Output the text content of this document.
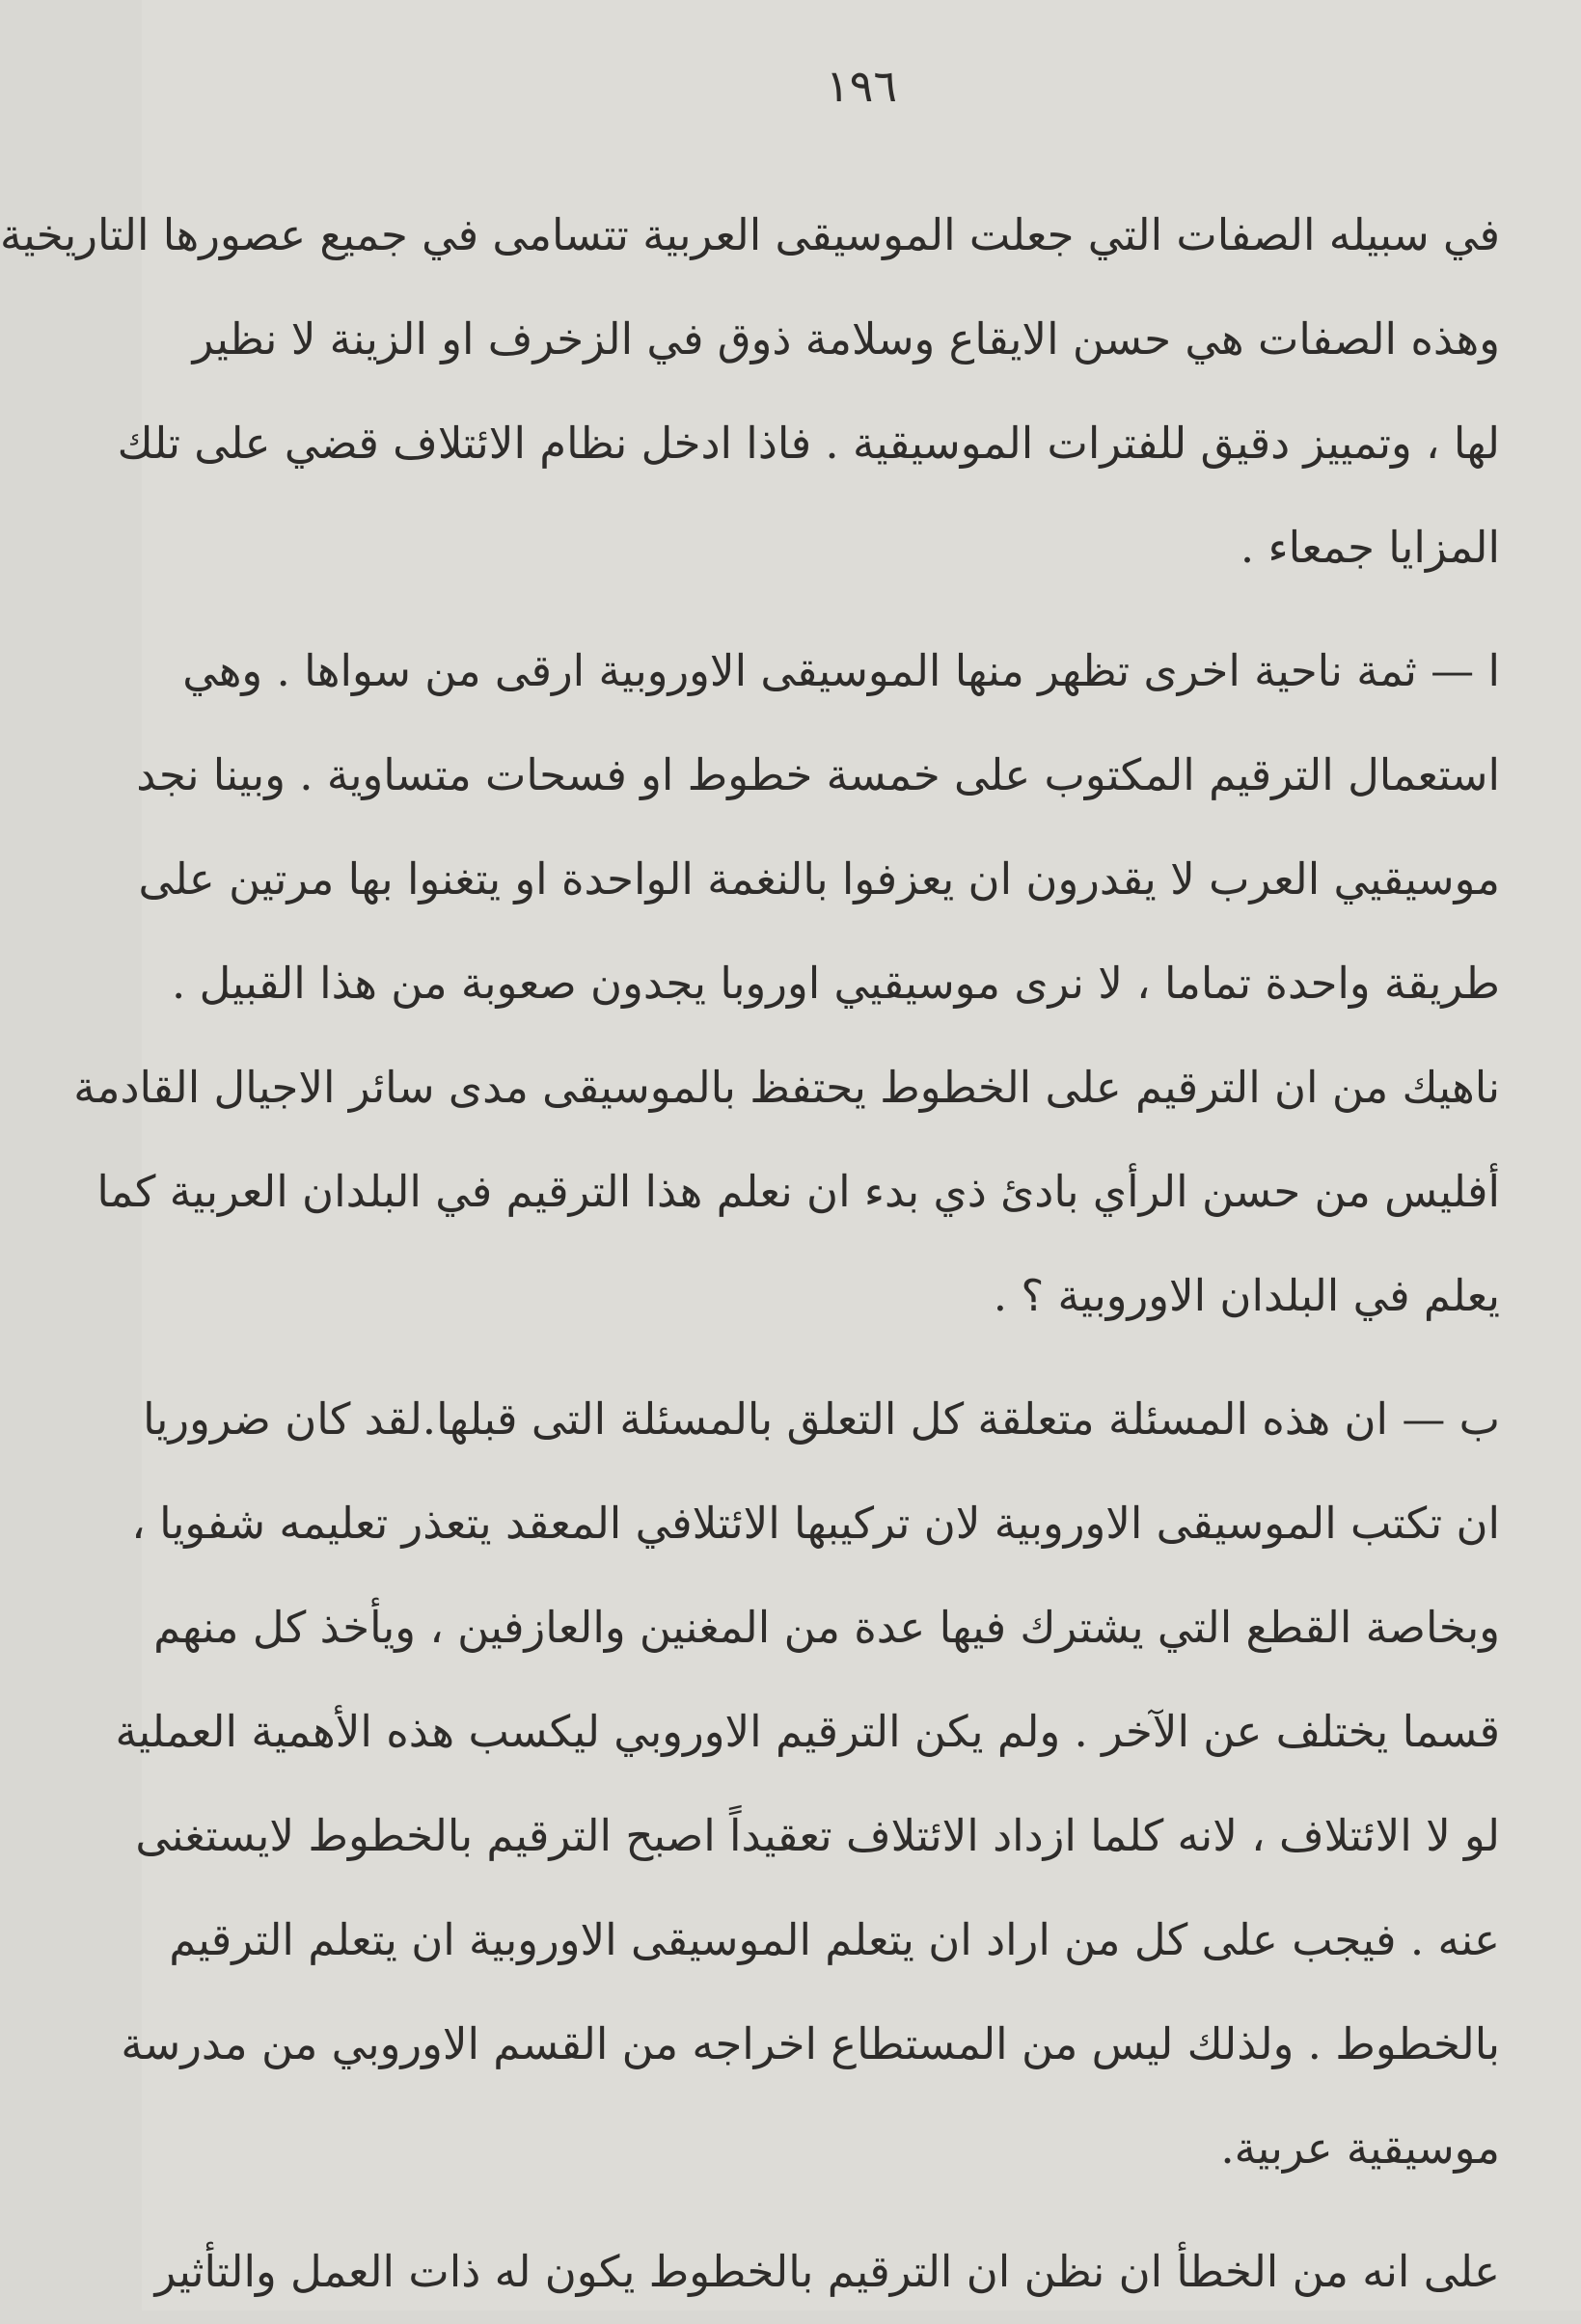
١٩٦
في سبيله الصفات التي جعلت الموسيقى العربية تتسامى في جميع عصورها التاريخية
وهذه الصفات هي حسن الايقاع وسلامة ذوق في الزخرف او الزينة لا نظير
لها ، وتمييز دقيق للفترات الموسيقية . فاذا ادخل نظام الائتلاف قضي على تلك
المزايا جمعاء .
ا — ثمة ناحية اخرى تظهر منها الموسيقى الاوروبية ارقى من سواها . وهي
استعمال الترقيم المكتوب على خمسة خطوط او فسحات متساوية . وبينا نجد
موسيقيي العرب لا يقدرون ان يعزفوا بالنغمة الواحدة او يتغنوا بها مرتين على
طريقة واحدة تماما ، لا نرى موسيقيي اوروبا يجدون صعوبة من هذا القبيل .
ناهيك من ان الترقيم على الخطوط يحتفظ بالموسيقى مدى سائر الاجيال القادمة
أفليس من حسن الرأي بادئ ذي بدء ان نعلم هذا الترقيم في البلدان العربية كما
يعلم في البلدان الاوروبية ؟ .
ب — ان هذه المسئلة متعلقة كل التعلق بالمسئلة التى قبلها.لقد كان ضروريا
ان تكتب الموسيقى الاوروبية لان تركيبها الائتلافي المعقد يتعذر تعليمه شفويا ،
وبخاصة القطع التي يشترك فيها عدة من المغنين والعازفين ، ويأخذ كل منهم
قسما يختلف عن الآخر . ولم يكن الترقيم الاوروبي ليكسب هذه الأهمية العملية
لو لا الائتلاف ، لانه كلما ازداد الائتلاف تعقيداً اصبح الترقيم بالخطوط لايستغنى
عنه . فيجب على كل من اراد ان يتعلم الموسيقى الاوروبية ان يتعلم الترقيم
بالخطوط . ولذلك ليس من المستطاع اخراجه من القسم الاوروبي من مدرسة
موسيقية عربية.
على انه من الخطأ ان نظن ان الترقيم بالخطوط يكون له ذات العمل والتأثير
